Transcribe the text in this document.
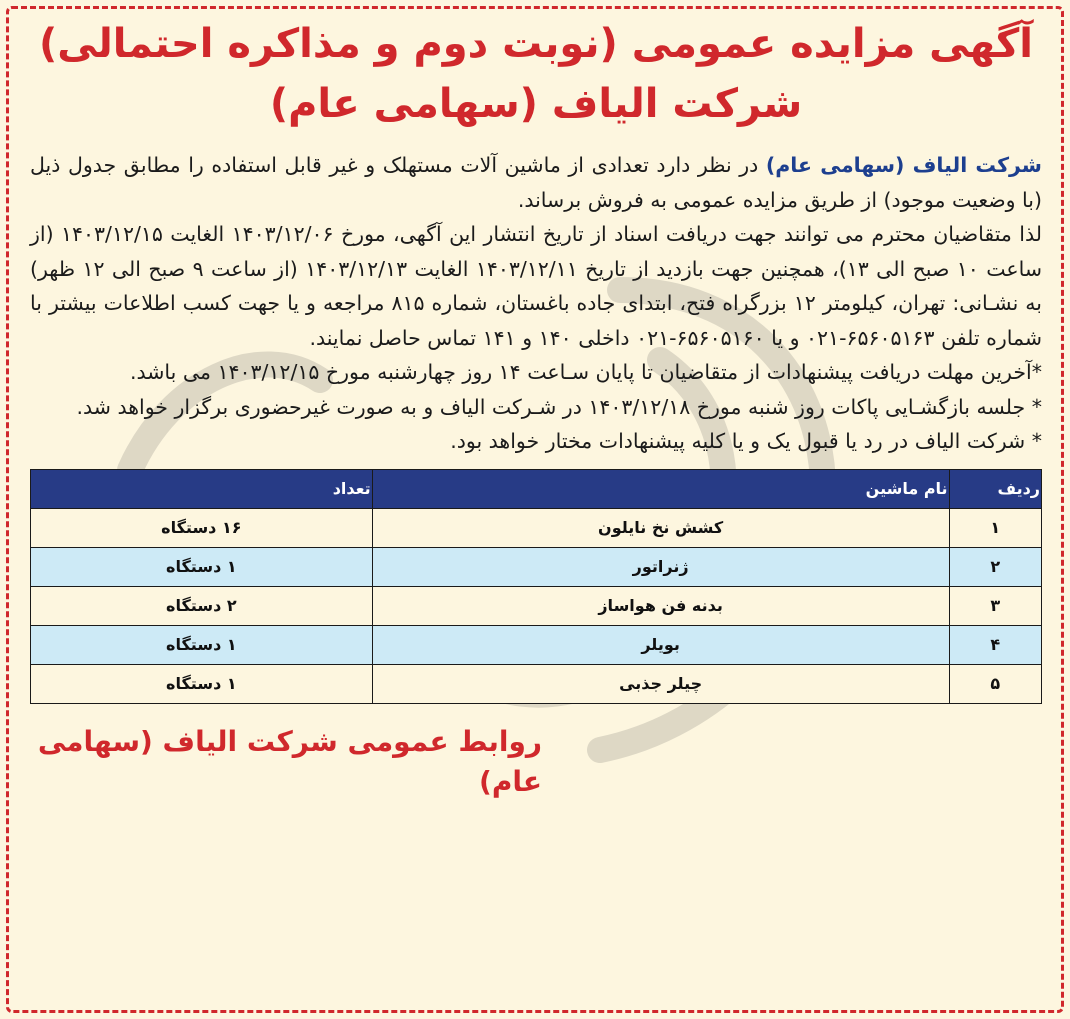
آگهی مزایده عمومی (نوبت دوم و مذاکره احتمالی)
شرکت الیاف (سهامی عام)

شرکت الیاف (سهامی عام) در نظر دارد تعدادی از ماشین آلات مستهلک و غیر قابل استفاده را مطابق جدول ذیل (با وضعیت موجود) از طریق مزایده عمومی به فروش برساند.

لذا متقاضیان محترم می توانند جهت دریافت اسناد از تاریخ انتشار این آگهی، مورخ ۱۴۰۳/۱۲/۰۶ الغایت ۱۴۰۳/۱۲/۱۵ (از ساعت ۱۰ صبح الی ۱۳)، همچنین جهت بازدید از تاریخ ۱۴۰۳/۱۲/۱۱ الغایت ۱۴۰۳/۱۲/۱۳ (از ساعت ۹ صبح الی ۱۲ ظهر) به نشـانی: تهران، کیلومتر ۱۲ بزرگراه فتح، ابتدای جاده باغستان، شماره ۸۱۵ مراجعه و یا جهت کسب اطلاعات بیشتر با شماره تلفن ۶۵۶۰۵۱۶۳-۰۲۱ و یا ۶۵۶۰۵۱۶۰-۰۲۱ داخلی ۱۴۰ و ۱۴۱ تماس حاصل نمایند.

*آخرین مهلت دریافت پیشنهادات از متقاضیان تا پایان سـاعت ۱۴ روز چهارشنبه مورخ ۱۴۰۳/۱۲/۱۵ می باشد.

* جلسه بازگشـایی پاکات روز شنبه مورخ ۱۴۰۳/۱۲/۱۸ در شـرکت الیاف و به صورت غیرحضوری برگزار خواهد شد.

* شرکت الیاف در رد یا قبول یک و یا کلیه پیشنهادات مختار خواهد بود.

ردیف	نام ماشین	تعداد
۱	کشش نخ نایلون	۱۶ دستگاه
۲	ژنراتور	۱ دستگاه
۳	بدنه فن هواساز	۲ دستگاه
۴	بویلر	۱ دستگاه
۵	چیلر جذبی	۱ دستگاه
روابط عمومی شرکت الیاف (سهامی عام)
